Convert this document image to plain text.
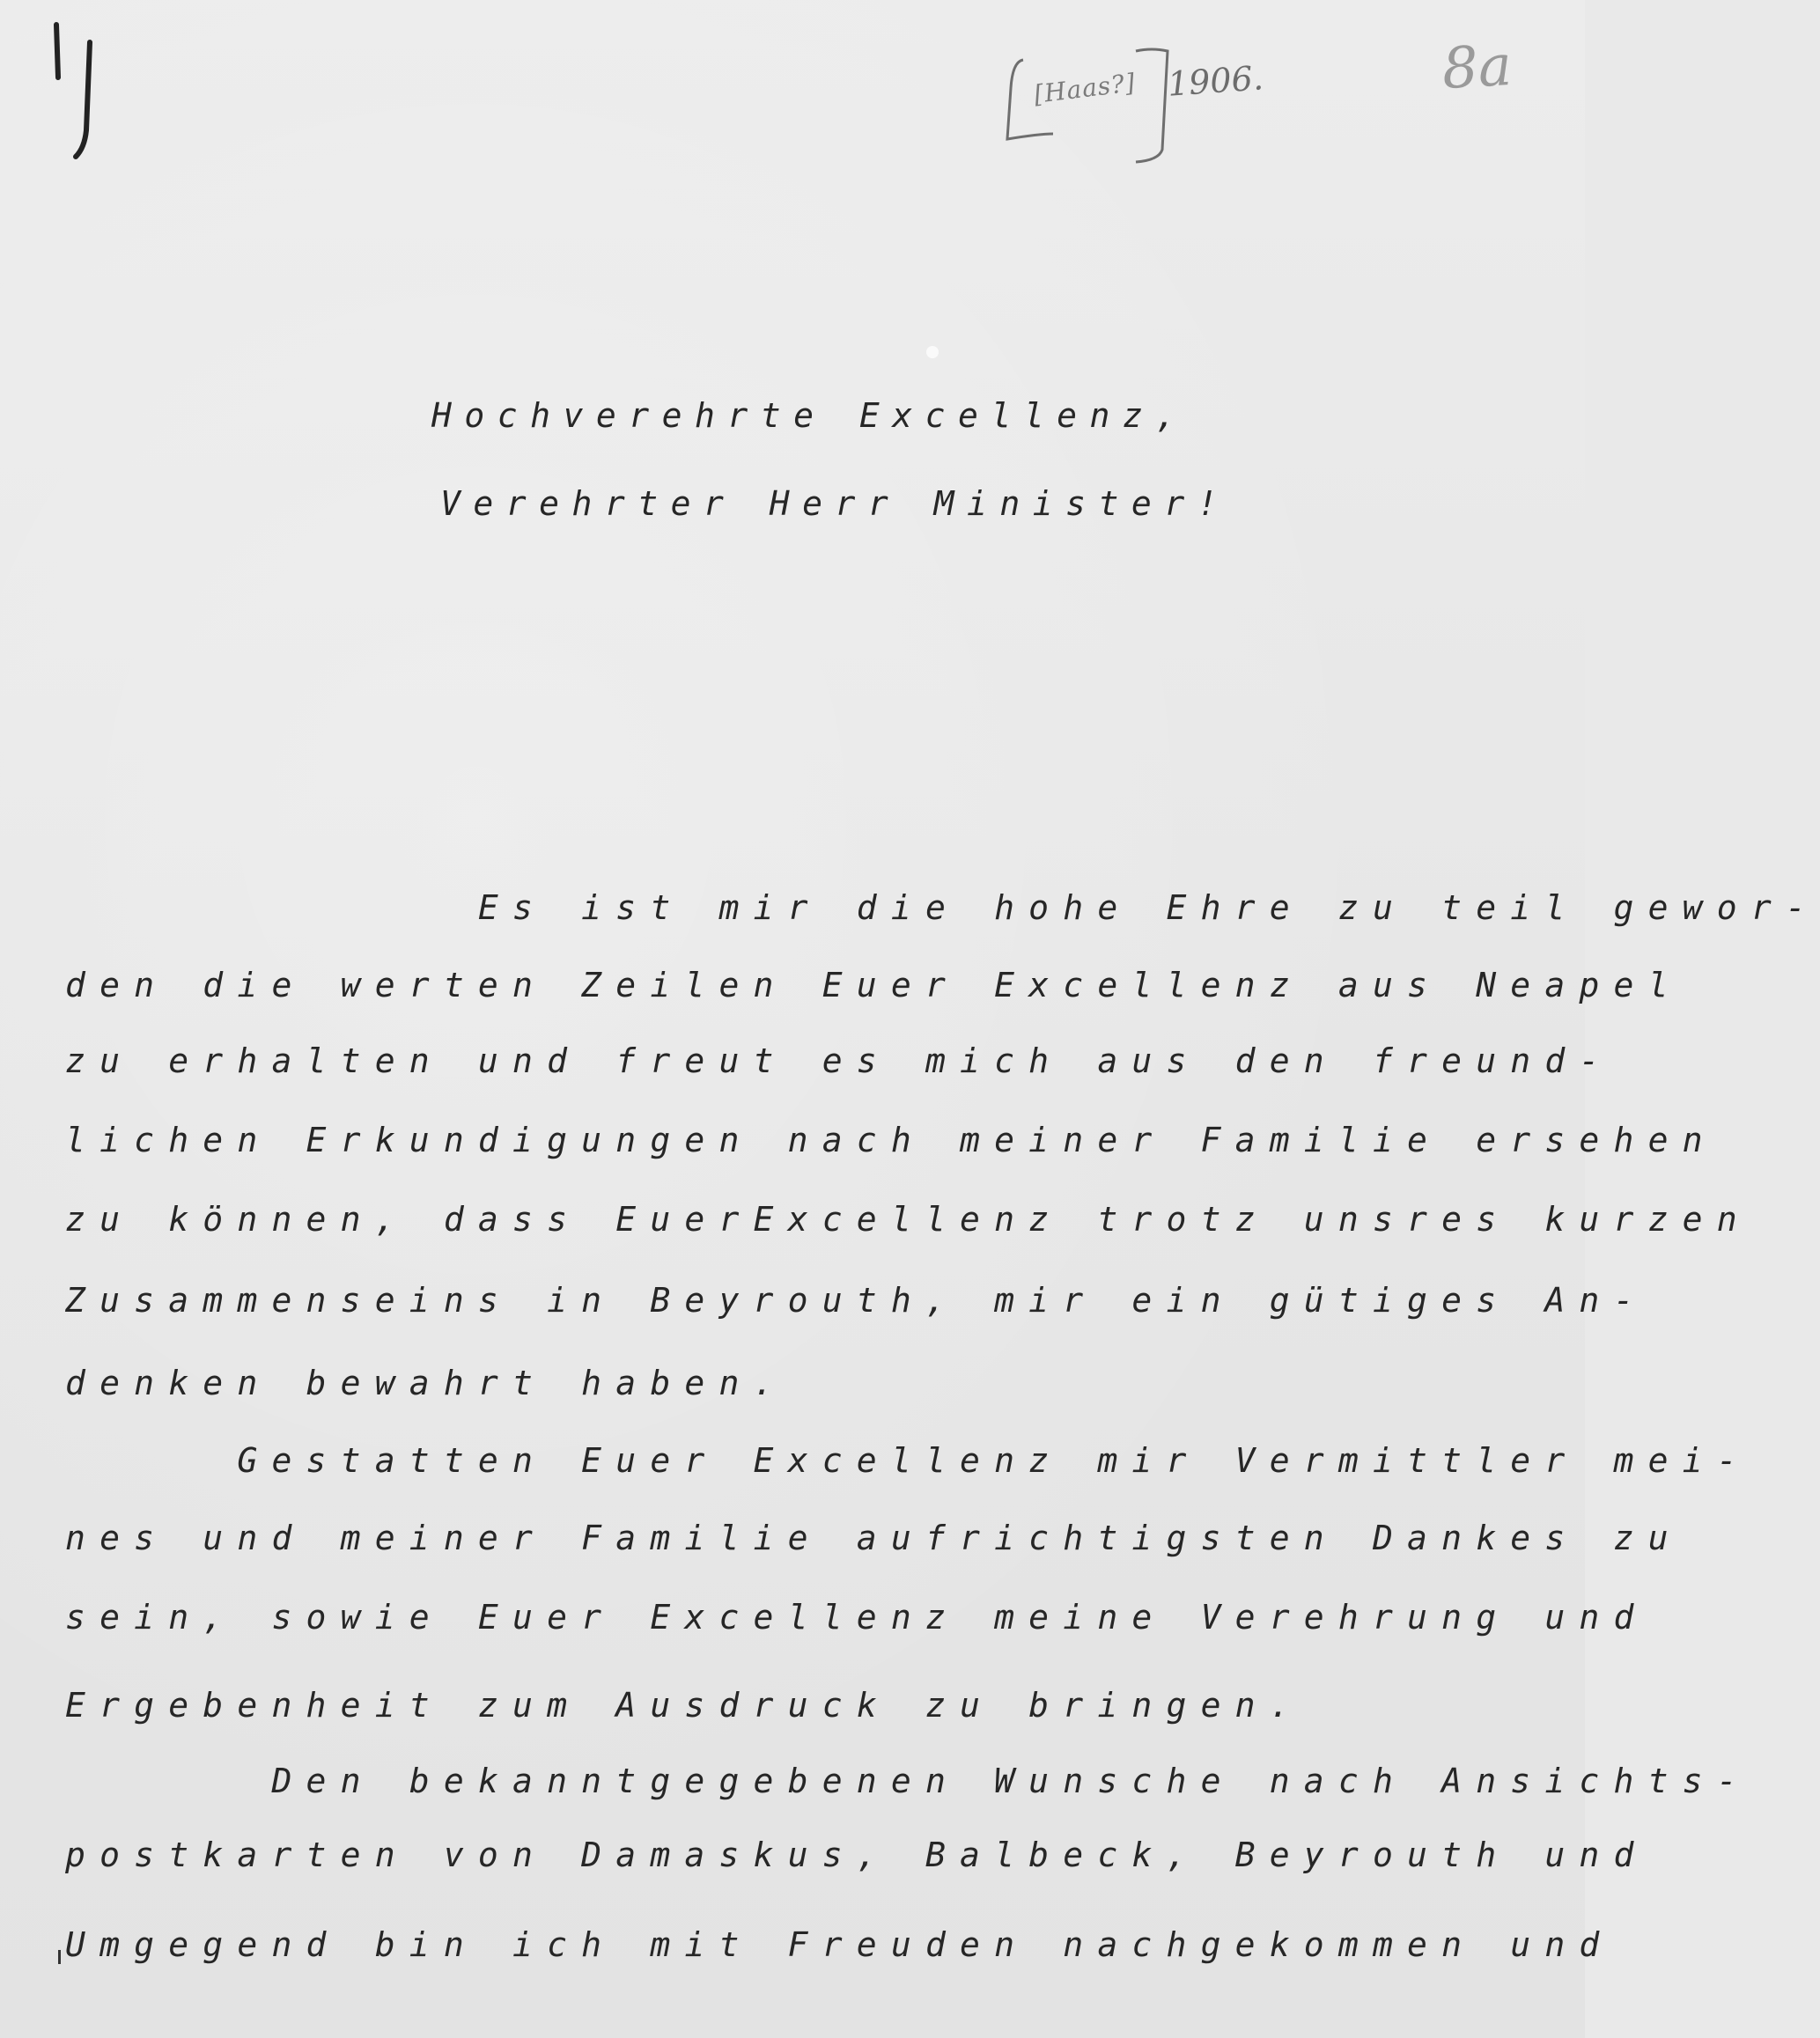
[Haas?] 1906.	8a
Hochverehrte Excellenz,
Verehrter Herr Minister!
Es ist mir die hohe Ehre zu teil gewor-
den die werten Zeilen Euer Excellenz aus Neapel
zu erhalten und freut es mich aus den freund-
lichen Erkundigungen nach meiner Familie ersehen
zu können, dass EuerExcellenz trotz unsres kurzen
Zusammenseins in Beyrouth, mir ein gütiges An-
denken bewahrt haben.
Gestatten Euer Excellenz mir Vermittler mei-
nes und meiner Familie aufrichtigsten Dankes zu
sein, sowie Euer Excellenz meine Verehrung und
Ergebenheit zum Ausdruck zu bringen.
Den bekanntgegebenen Wunsche nach Ansichts-
postkarten von Damaskus, Balbeck, Beyrouth und
Umgegend bin ich mit Freuden nachgekommen und
